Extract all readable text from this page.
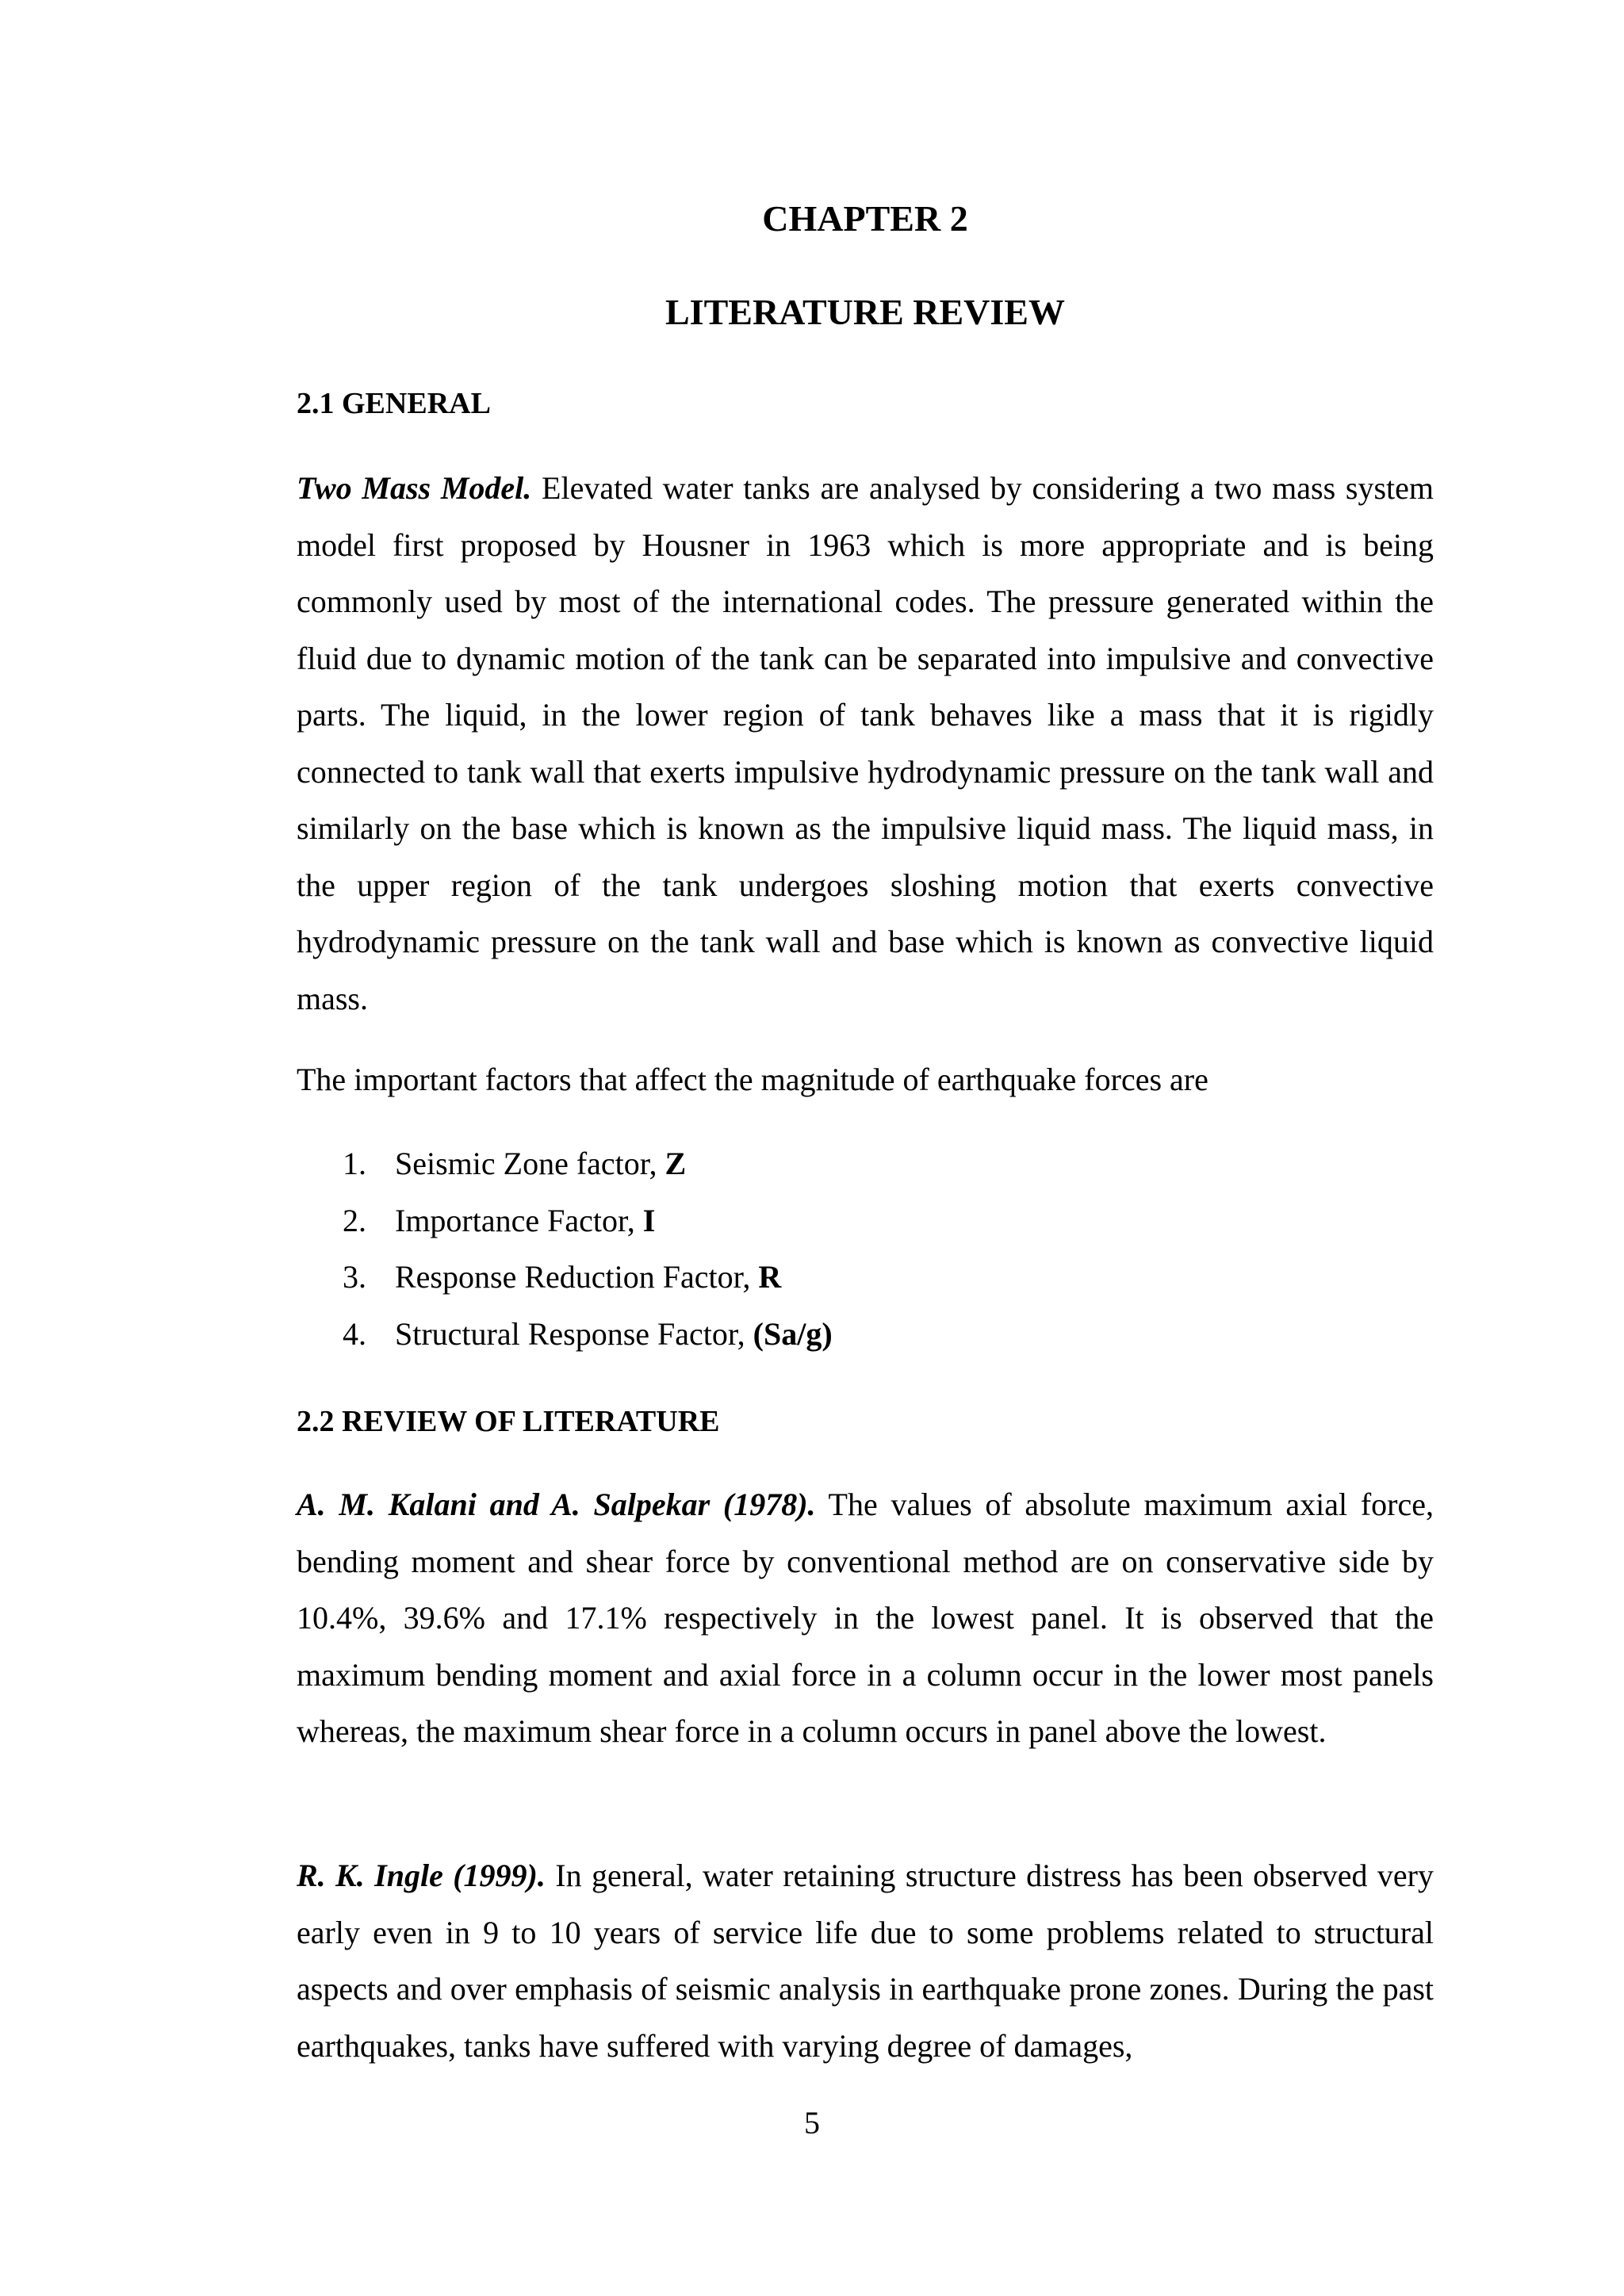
CHAPTER 2
LITERATURE REVIEW
2.1 GENERAL
Two Mass Model. Elevated water tanks are analysed by considering a two mass system model first proposed by Housner in 1963 which is more appropriate and is being commonly used by most of the international codes. The pressure generated within the fluid due to dynamic motion of the tank can be separated into impulsive and convective parts. The liquid, in the lower region of tank behaves like a mass that it is rigidly connected to tank wall that exerts impulsive hydrodynamic pressure on the tank wall and similarly on the base which is known as the impulsive liquid mass. The liquid mass, in the upper region of the tank undergoes sloshing motion that exerts convective hydrodynamic pressure on the tank wall and base which is known as convective liquid mass.
The important factors that affect the magnitude of earthquake forces are
1. Seismic Zone factor, Z
2. Importance Factor, I
3. Response Reduction Factor, R
4. Structural Response Factor, (Sa/g)
2.2 REVIEW OF LITERATURE
A. M. Kalani and A. Salpekar (1978). The values of absolute maximum axial force, bending moment and shear force by conventional method are on conservative side by 10.4%, 39.6% and 17.1% respectively in the lowest panel. It is observed that the maximum bending moment and axial force in a column occur in the lower most panels whereas, the maximum shear force in a column occurs in panel above the lowest.
R. K. Ingle (1999). In general, water retaining structure distress has been observed very early even in 9 to 10 years of service life due to some problems related to structural aspects and over emphasis of seismic analysis in earthquake prone zones. During the past earthquakes, tanks have suffered with varying degree of damages,
5
